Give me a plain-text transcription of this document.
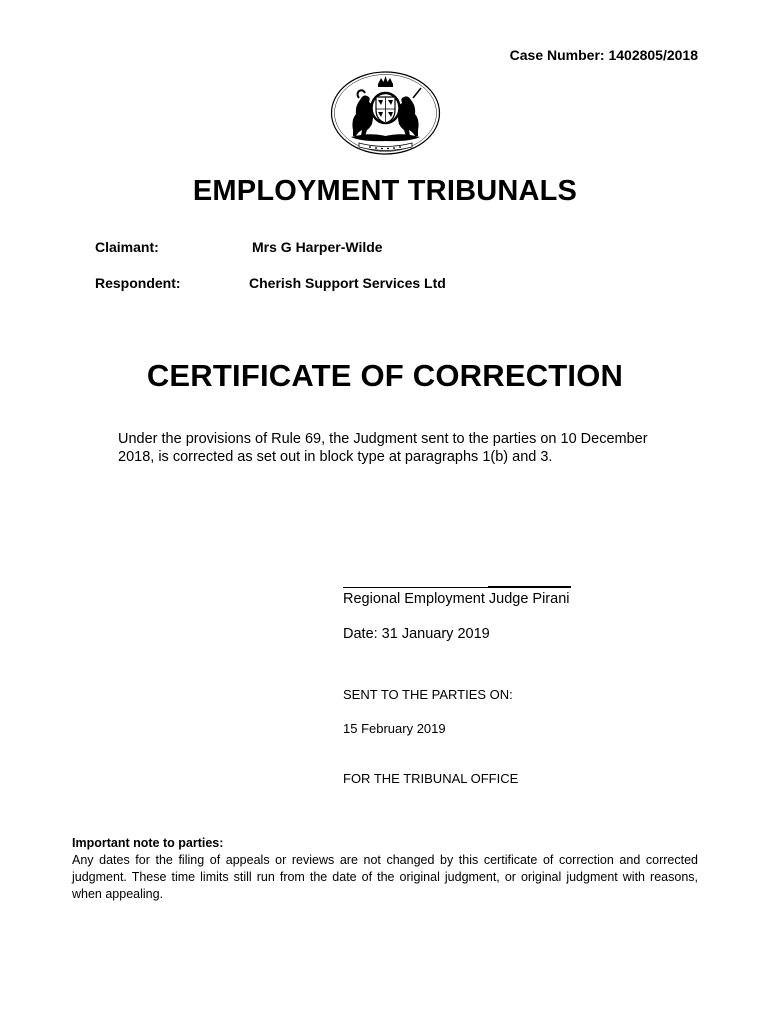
Case Number: 1402805/2018
EMPLOYMENT TRIBUNALS
Claimant:	Mrs G Harper-Wilde
Respondent:	Cherish Support Services Ltd
CERTIFICATE OF CORRECTION
Under the provisions of Rule 69, the Judgment sent to the parties on 10 December 2018, is corrected as set out in block type at paragraphs 1(b) and 3.
Regional Employment Judge Pirani
Date: 31 January 2019
SENT TO THE PARTIES ON:
15 February 2019
FOR THE TRIBUNAL OFFICE
Important note to parties:
Any dates for the filing of appeals or reviews are not changed by this certificate of correction and corrected judgment. These time limits still run from the date of the original judgment, or original judgment with reasons, when appealing.
